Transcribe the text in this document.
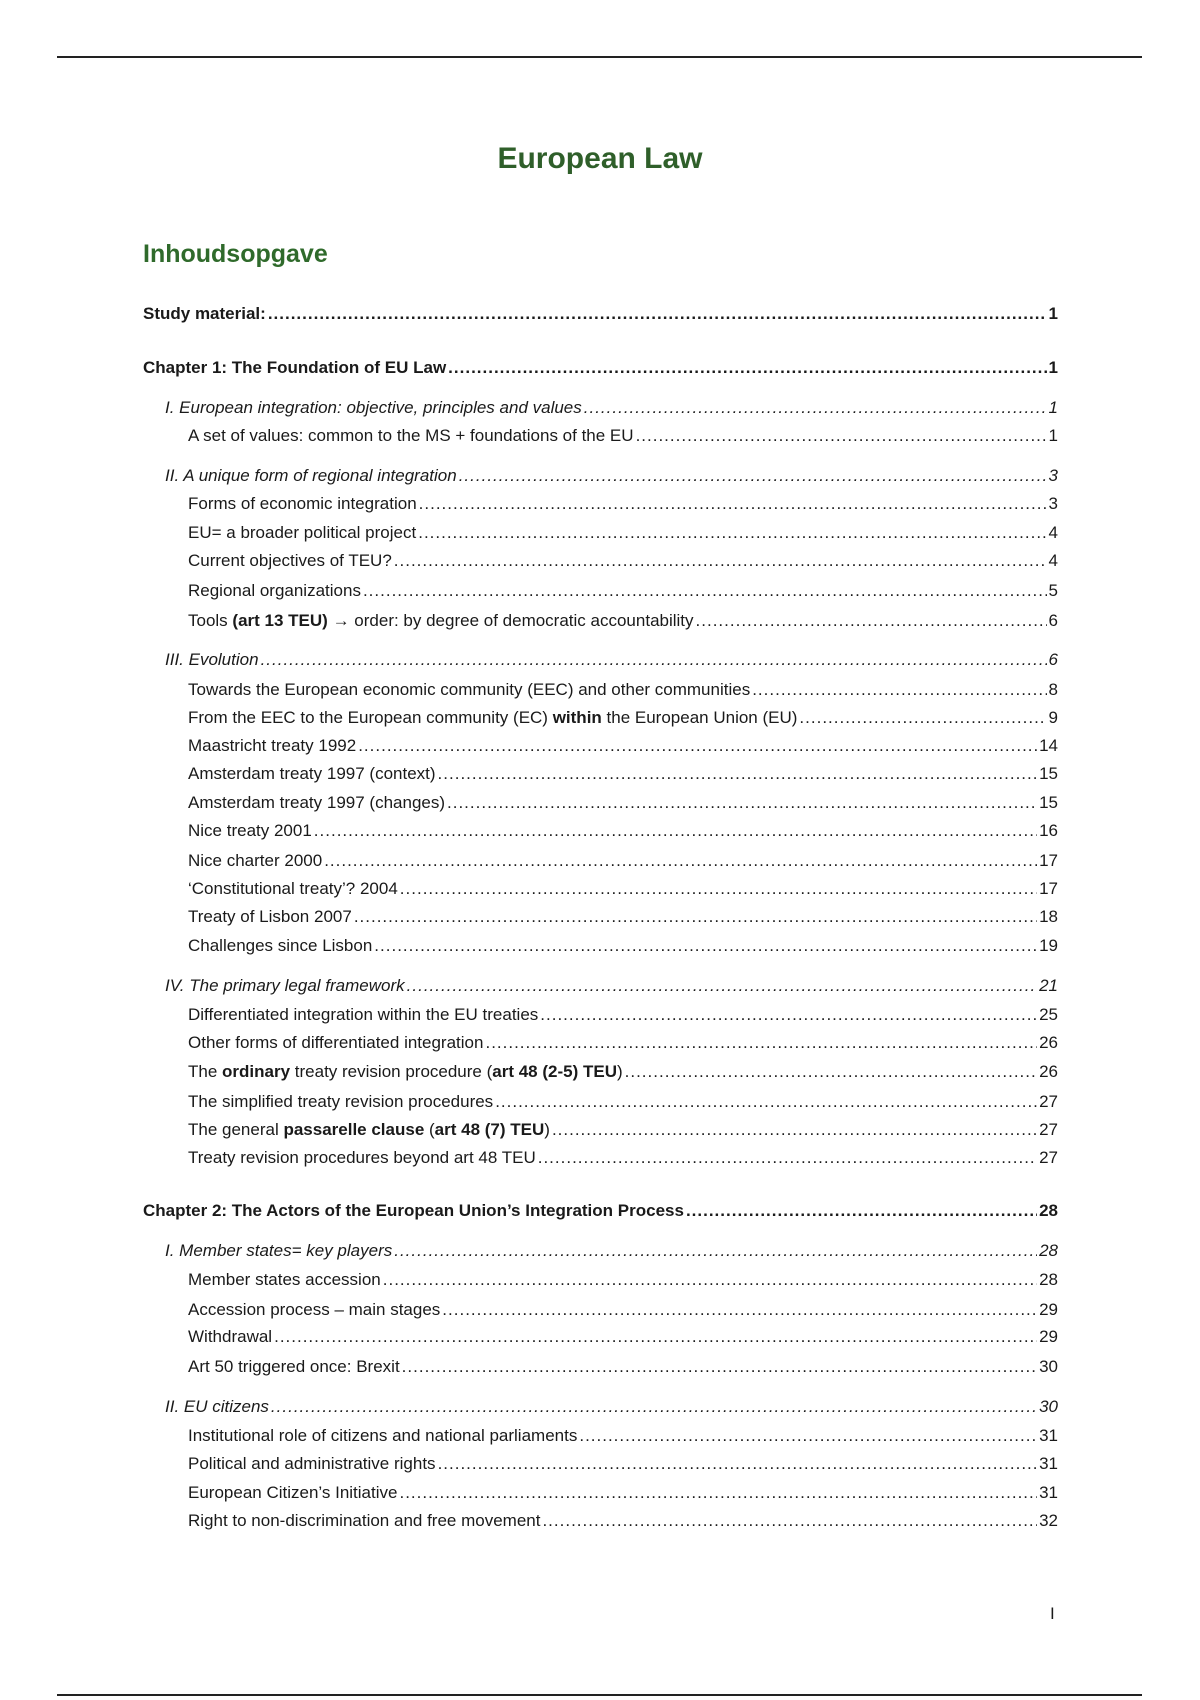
European Law
Inhoudsopgave
Study material: .....	1
Chapter 1: The Foundation of EU Law .....	1
I. European integration: objective, principles and values .....	1
A set of values: common to the MS + foundations of the EU .....	1
II. A unique form of regional integration .....	3
Forms of economic integration .....	3
EU= a broader political project .....	4
Current objectives of TEU? .....	4
Regional organizations .....	5
Tools (art 13 TEU) → order: by degree of democratic accountability .....	6
III. Evolution .....	6
Towards the European economic community (EEC) and other communities .....	8
From the EEC to the European community (EC) within the European Union (EU) .....	9
Maastricht treaty 1992 .....	14
Amsterdam treaty 1997 (context) .....	15
Amsterdam treaty 1997 (changes) .....	15
Nice treaty 2001 .....	16
Nice charter 2000 .....	17
‘Constitutional treaty’? 2004 .....	17
Treaty of Lisbon 2007 .....	18
Challenges since Lisbon .....	19
IV. The primary legal framework .....	21
Differentiated integration within the EU treaties .....	25
Other forms of differentiated integration .....	26
The ordinary treaty revision procedure (art 48 (2-5) TEU) .....	26
The simplified treaty revision procedures .....	27
The general passarelle clause (art 48 (7) TEU) .....	27
Treaty revision procedures beyond art 48 TEU .....	27
Chapter 2: The Actors of the European Union’s Integration Process .....	28
I. Member states= key players .....	28
Member states accession .....	28
Accession process – main stages .....	29
Withdrawal .....	29
Art 50 triggered once: Brexit .....	30
II. EU citizens .....	30
Institutional role of citizens and national parliaments .....	31
Political and administrative rights .....	31
European Citizen’s Initiative .....	31
Right to non-discrimination and free movement .....	32
I
